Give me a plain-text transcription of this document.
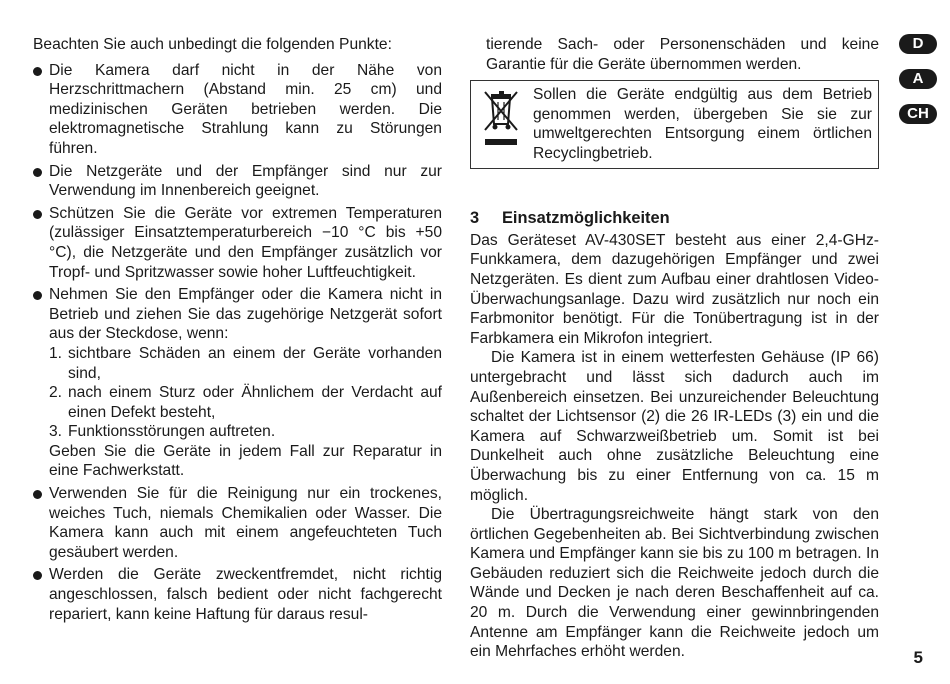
Beachten Sie auch unbedingt die folgenden Punkte:

Die Kamera darf nicht in der Nähe von Herzschrittmachern (Abstand min. 25 cm) und medizinischen Geräten betrieben werden. Die elektromagnetische Strahlung kann zu Störungen führen.

Die Netzgeräte und der Empfänger sind nur zur Verwendung im Innenbereich geeignet.

Schützen Sie die Geräte vor extremen Temperaturen (zulässiger Einsatztemperaturbereich −10 °C bis +50 °C), die Netzgeräte und den Empfänger zusätzlich vor Tropf- und Spritzwasser sowie hoher Luftfeuchtigkeit.

Nehmen Sie den Empfänger oder die Kamera nicht in Betrieb und ziehen Sie das zugehörige Netzgerät sofort aus der Steckdose, wenn:

1. sichtbare Schäden an einem der Geräte vorhanden sind,

2. nach einem Sturz oder Ähnlichem der Verdacht auf einen Defekt besteht,

3. Funktionsstörungen auftreten.

Geben Sie die Geräte in jedem Fall zur Reparatur in eine Fachwerkstatt.

Verwenden Sie für die Reinigung nur ein trockenes, weiches Tuch, niemals Chemikalien oder Wasser. Die Kamera kann auch mit einem angefeuchteten Tuch gesäubert werden.

Werden die Geräte zweckentfremdet, nicht richtig angeschlossen, falsch bedient oder nicht fachgerecht repariert, kann keine Haftung für daraus resul-

tierende Sach- oder Personenschäden und keine Garantie für die Geräte übernommen werden.

Sollen die Geräte endgültig aus dem Betrieb genommen werden, übergeben Sie sie zur umweltgerechten Entsorgung einem örtlichen Recyclingbetrieb.

3 Einsatzmöglichkeiten

Das Geräteset AV-430SET besteht aus einer 2,4-GHz-Funkkamera, dem dazugehörigen Empfänger und zwei Netzgeräten. Es dient zum Aufbau einer drahtlosen Video-Überwachungsanlage. Dazu wird zusätzlich nur noch ein Farbmonitor benötigt. Für die Tonübertragung ist in der Farbkamera ein Mikrofon integriert.

Die Kamera ist in einem wetterfesten Gehäuse (IP 66) untergebracht und lässt sich dadurch auch im Außenbereich einsetzen. Bei unzureichender Beleuchtung schaltet der Lichtsensor (2) die 26 IR-LEDs (3) ein und die Kamera auf Schwarzweißbetrieb um. Somit ist bei Dunkelheit auch ohne zusätzliche Beleuchtung eine Überwachung bis zu einer Entfernung von ca. 15 m möglich.

Die Übertragungsreichweite hängt stark von den örtlichen Gegebenheiten ab. Bei Sichtverbindung zwischen Kamera und Empfänger kann sie bis zu 100 m betragen. In Gebäuden reduziert sich die Reichweite jedoch durch die Wände und Decken je nach deren Beschaffenheit auf ca. 20 m. Durch die Verwendung einer gewinnbringenden Antenne am Empfänger kann die Reichweite jedoch um ein Mehrfaches erhöht werden.

D
A
CH
5
